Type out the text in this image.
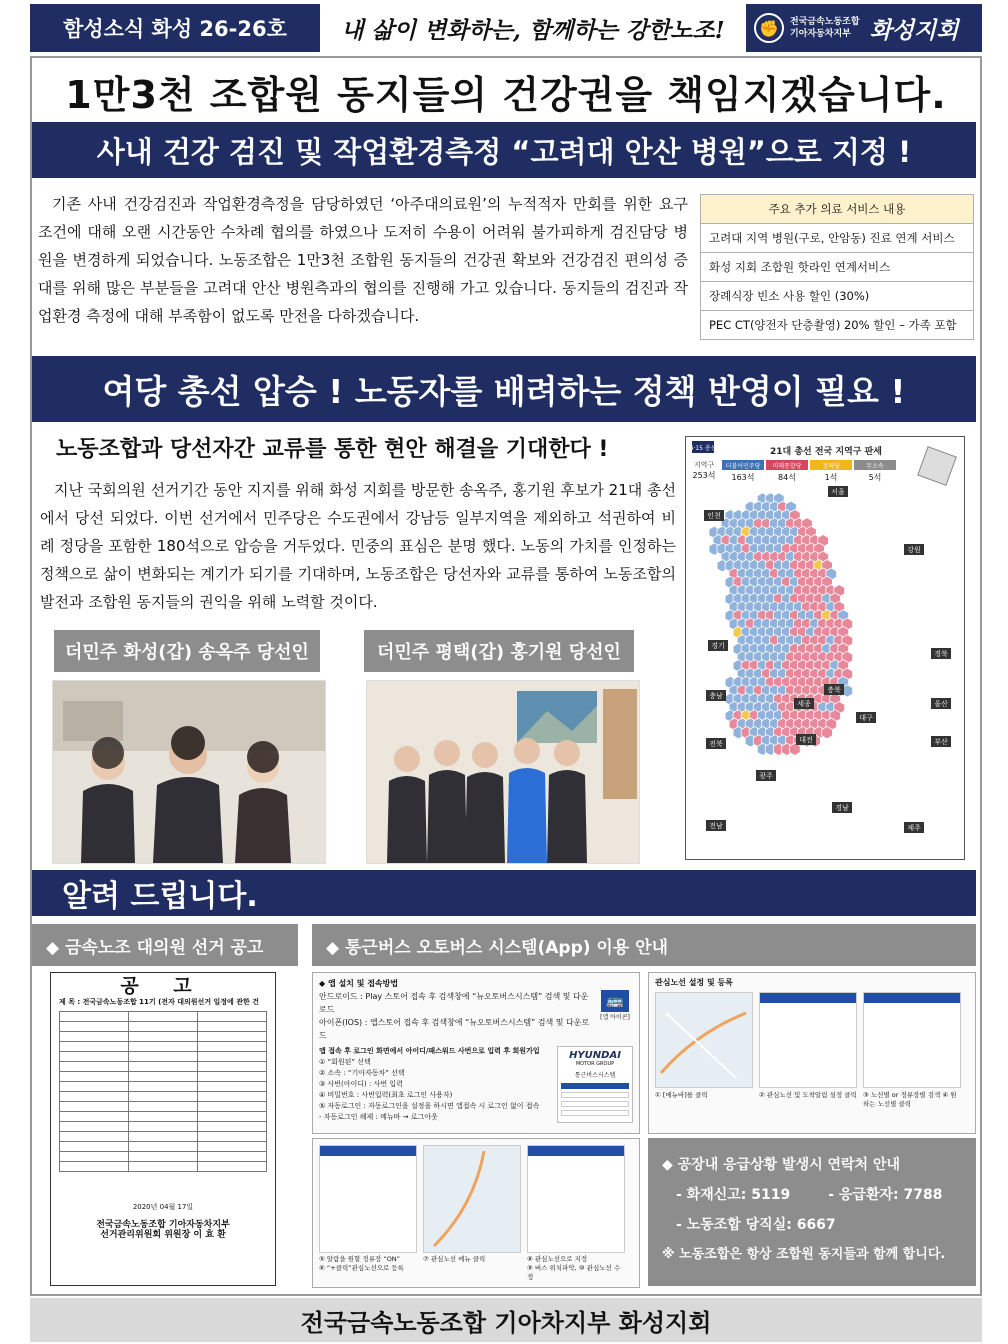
함성소식 화성 26-26호	내 삶이 변화하는, 함께하는 강한노조!	✊	전국금속노동조합
기아자동차지부 화성지회
1만3천 조합원 동지들의 건강권을 책임지겠습니다.
사내 건강 검진 및 작업환경측정 “고려대 안산 병원”으로 지정 !
기존 사내 건강검진과 작업환경측정을 담당하였던 ‘아주대의료원’의 누적적자 만회를 위한 요구 조건에 대해 오랜 시간동안 수차례 협의를 하였으나 도저히 수용이 어려워 불가피하게 검진담당 병원을 변경하게 되었습니다. 노동조합은 1만3천 조합원 동지들의 건강권 확보와 건강검진 편의성 증대를 위해 많은 부분들을 고려대 안산 병원측과의 협의를 진행해 가고 있습니다. 동지들의 검진과 작업환경 측정에 대해 부족함이 없도록 만전을 다하겠습니다.
주요 추가 의료 서비스 내용
고려대 지역 병원(구로, 안암동) 진료 연계 서비스
화성 지회 조합원 핫라인 연계서비스
장례식장 빈소 사용 할인 (30%)
PEC CT(양전자 단층촬영) 20% 할인 – 가족 포함
여당 총선 압승 ! 노동자를 배려하는 정책 반영이 필요 !
노동조합과 당선자간 교류를 통한 현안 해결을 기대한다 !
지난 국회의원 선거기간 동안 지지를 위해 화성 지회를 방문한 송옥주, 홍기원 후보가 21대 총선에서 당선 되었다. 이번 선거에서 민주당은 수도권에서 강남등 일부지역을 제외하고 석권하여 비례 정당을 포함한 180석으로 압승을 거두었다. 민중의 표심은 분명 했다. 노동의 가치를 인정하는 정책으로 삶이 변화되는 계기가 되기를 기대하며, 노동조합은 당선자와 교류를 통하여 노동조합의 발전과 조합원 동지들의 권익을 위해 노력할 것이다.
더민주 화성(갑) 송옥주 당선인	더민주 평택(갑) 홍기원 당선인
4·15 총선	21대 총선 전국 지역구 판세
지역구
253석
더불어민주당
163석
미래통합당
84석
정의당
1석
무소속
5석
서울
인천
경기
강원
충북
충남
세종
대전
경북
대구
울산
전북
광주
부산
경남
전남	제주
알려 드립니다.
◆ 금속노조 대의원 선거 공고	◆ 통근버스 오토버스 시스템(App) 이용 안내
공 고
제 목 : 전국금속노동조합 11기 (전자 대의원선거 일정에 관한 건

2020년 04월 17일
전국금속노동조합 기아자동차지부
선거관리위원회 위원장 이 효 환
◆ 앱 설치 및 접속방법
안드로이드 : Play 스토어 접속 후 검색창에 “뉴오토버스시스템” 검색 및 다운로드
아이폰(IOS) : 앱스토어 접속 후 검색창에 “뉴오토버스시스템” 검색 및 다운로드
🚌
[앱 아이콘]
앱 접속 후 로그인 화면에서 아이디/패스워드 사번으로 입력 후 회원가입
① “회원된” 선택
② 소속 : “기아자동차” 선택
③ 사번(아이디) : 사번 입력
④ 비밀번호 : 사번입력(최초 로그인 사용자)
⑤ 자동로그인 : 자동로그인을 설정을 하시면 앱접속 시 로그인 없이 접속
- 자동로그인 해제 : 메뉴바 → 로그아웃
HYUNDAI
MOTOR GROUP
통근버스시스템
관심노선 설정 및 등록
① [메뉴바]를 클릭	② 관심노선 및 도착알림 설정 클릭 ③ 노선별 or 정류장별 검색 ④ 원하는 노선별 클릭
⑤ 알람을 원할 정류장 “ON”
⑥ “+클릭”관심노선으로 등록
⑦ 관심노선 메뉴 클릭	⑧ 관심노선으로 지정
⑨ 버스 위치파악, ⑩ 관심노선 수정
◆ 공장내 응급상황 발생시 연락처 안내
- 화재신고: 5119	- 응급환자: 7788
- 노동조합 당직실: 6667
※ 노동조합은 항상 조합원 동지들과 함께 합니다.
전국금속노동조합 기아차지부 화성지회
